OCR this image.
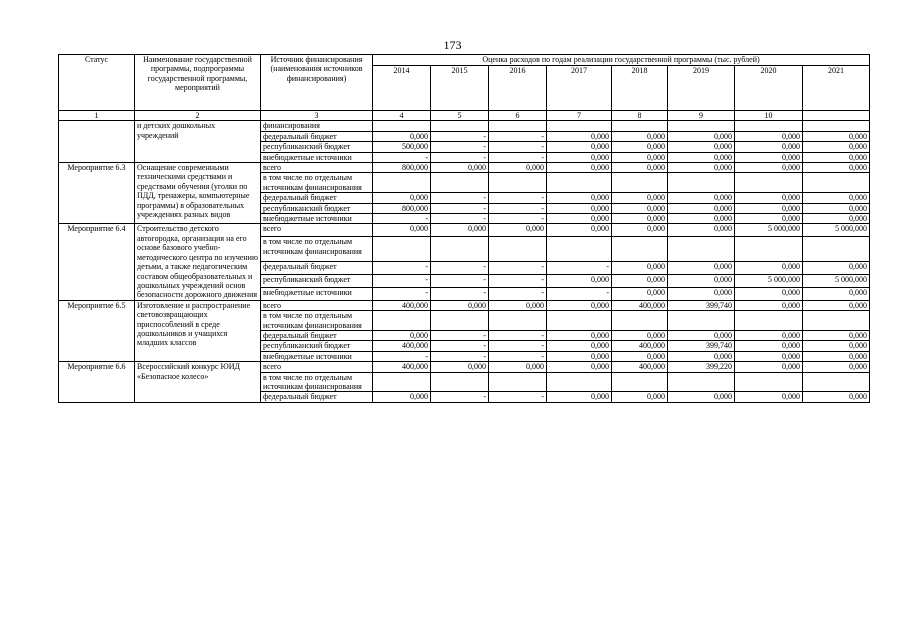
173
Статус	Наименование государственной программы, подпрограммы государственной программы, мероприятий	Источник финансирования (наименования источников финансирования)	Оценка расходов по годам реализации государственной программы (тыс. рублей)							
			2014	2015	2016	2017	2018	2019	2020	2021
1	2	3	4	5	6	7	8	9	10	
	и детских дошкольных учреждений	финансирования								
		федеральный бюджет	0,000	-	-	0,000	0,000	0,000	0,000	0,000
		республиканский бюджет	500,000	-	-	0,000	0,000	0,000	0,000	0,000
		внебюджетные источники	-	-	-	0,000	0,000	0,000	0,000	0,000
Мероприятие 6.3	Оснащение современными техническими средствами и средствами обучения (уголки по ПДД, тренажеры, компьютерные программы) в образовательных учреждениях разных видов	всего	800,000	0,000	0,000	0,000	0,000	0,000	0,000	0,000
		в том числе по отдельным источникам финансирования								
		федеральный бюджет	0,000	-	-	0,000	0,000	0,000	0,000	0,000
		республиканский бюджет	800,000	-	-	0,000	0,000	0,000	0,000	0,000
		внебюджетные источники	-	-	-	0,000	0,000	0,000	0,000	0,000
Мероприятие 6.4	Строительство детского автогородка, организация на его основе базового учебно-методического центра по изучению детьми, а также педагогическим составом общеобразовательных и дошкольных учреждений основ безопасности дорожного движения	всего	0,000	0,000	0,000	0,000	0,000	0,000	5 000,000	5 000,000
		в том числе по отдельным источникам финансирования								
		федеральный бюджет	-	-	-	-	0,000	0,000	0,000	0,000
		республиканский бюджет	-	-	-	0,000	0,000	0,000	5 000,000	5 000,000
		внебюджетные источники	-	-	-	-	0,000	0,000	0,000	0,000
Мероприятие 6.5	Изготовление и распространение световозвращающих приспособлений в среде дошкольников и учащихся младших классов	всего	400,000	0,000	0,000	0,000	400,000	399,740	0,000	0,000
		в том числе по отдельным источникам финансирования								
		федеральный бюджет	0,000	-	-	0,000	0,000	0,000	0,000	0,000
		республиканский бюджет	400,000	-	-	0,000	400,000	399,740	0,000	0,000
		внебюджетные источники	-	-	-	0,000	0,000	0,000	0,000	0,000
Мероприятие 6.6	Всероссийский конкурс ЮИД «Безопасное колесо»	всего	400,000	0,000	0,000	0,000	400,000	399,220	0,000	0,000
		в том числе по отдельным источникам финансирования								
		федеральный бюджет	0,000	-	-	0,000	0,000	0,000	0,000	0,000
